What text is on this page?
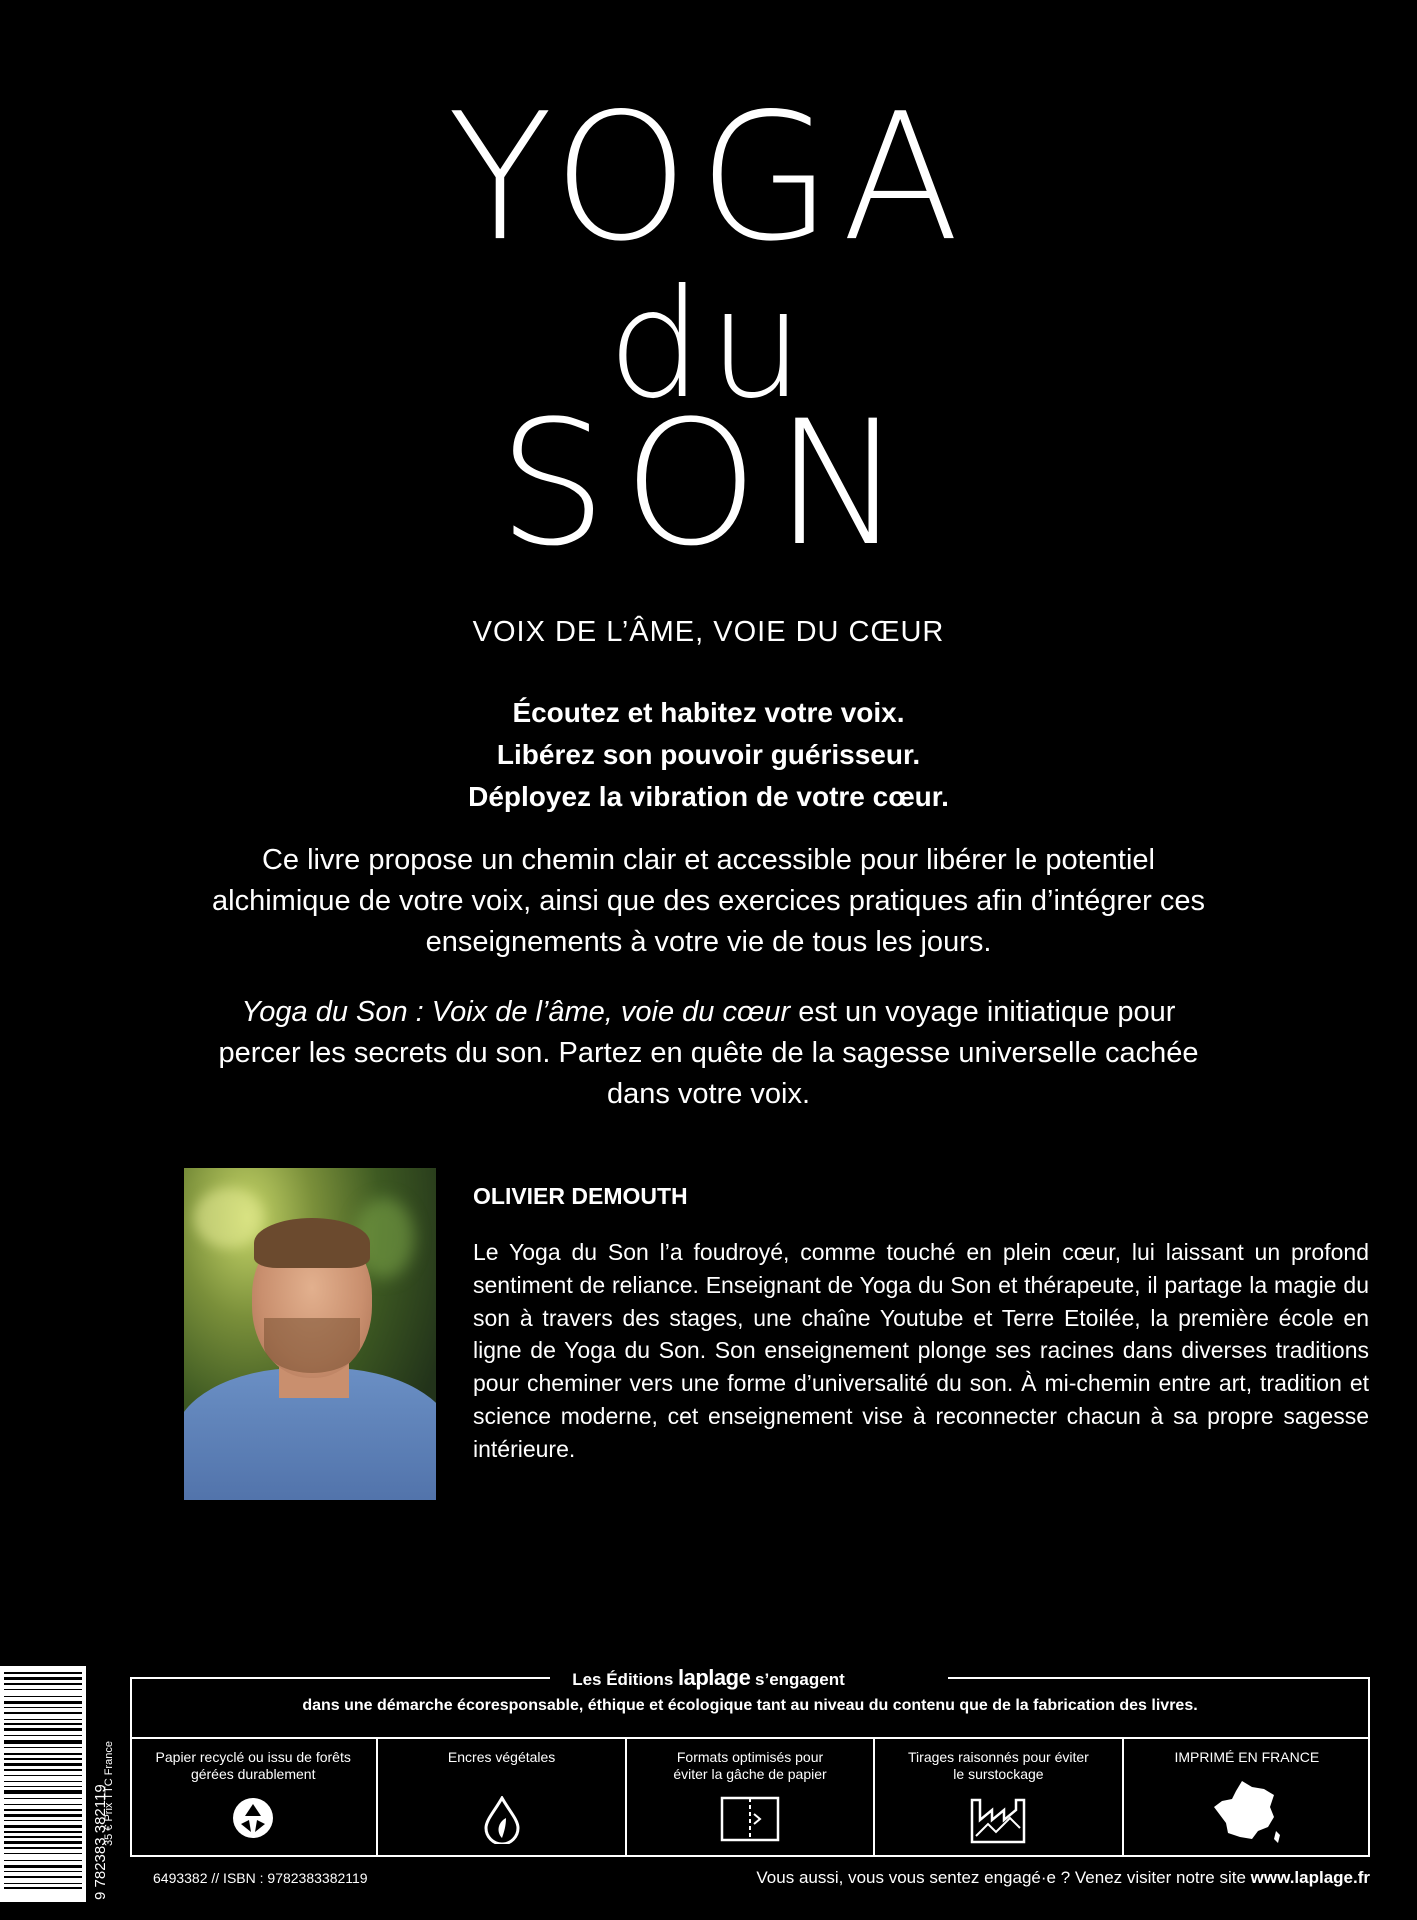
YOGA
du
SON
VOIX DE L’ÂME, VOIE DU CŒUR
Écoutez et habitez votre voix.
Libérez son pouvoir guérisseur.
Déployez la vibration de votre cœur.
Ce livre propose un chemin clair et accessible pour libérer le potentiel alchimique de votre voix, ainsi que des exercices pratiques afin d’intégrer ces enseignements à votre vie de tous les jours.
Yoga du Son : Voix de l’âme, voie du cœur est un voyage initiatique pour percer les secrets du son. Partez en quête de la sagesse universelle cachée dans votre voix.
OLIVIER DEMOUTH
Le Yoga du Son l’a foudroyé, comme touché en plein cœur, lui laissant un profond sentiment de reliance. Enseignant de Yoga du Son et thérapeute, il partage la magie du son à travers des stages, une chaîne Youtube et Terre Etoilée, la première école en ligne de Yoga du Son. Son enseignement plonge ses racines dans diverses traditions pour cheminer vers une forme d’universalité du son. À mi-chemin entre art, tradition et science moderne, cet enseignement vise à reconnecter chacun à sa propre sagesse intérieure.
9 782383 382119
35 € Prix TTC France
Les Éditions laplage s’engagent
dans une démarche écoresponsable, éthique et écologique tant au niveau du contenu que de la fabrication des livres.
Papier recyclé ou issu de forêts gérées durablement
Encres végétales	Formats optimisés pour éviter la gâche de papier
Tirages raisonnés pour éviter le surstockage
IMPRIMÉ EN FRANCE
6493382 // ISBN : 9782383382119	Vous aussi, vous vous sentez engagé·e ? Venez visiter notre site www.laplage.fr
